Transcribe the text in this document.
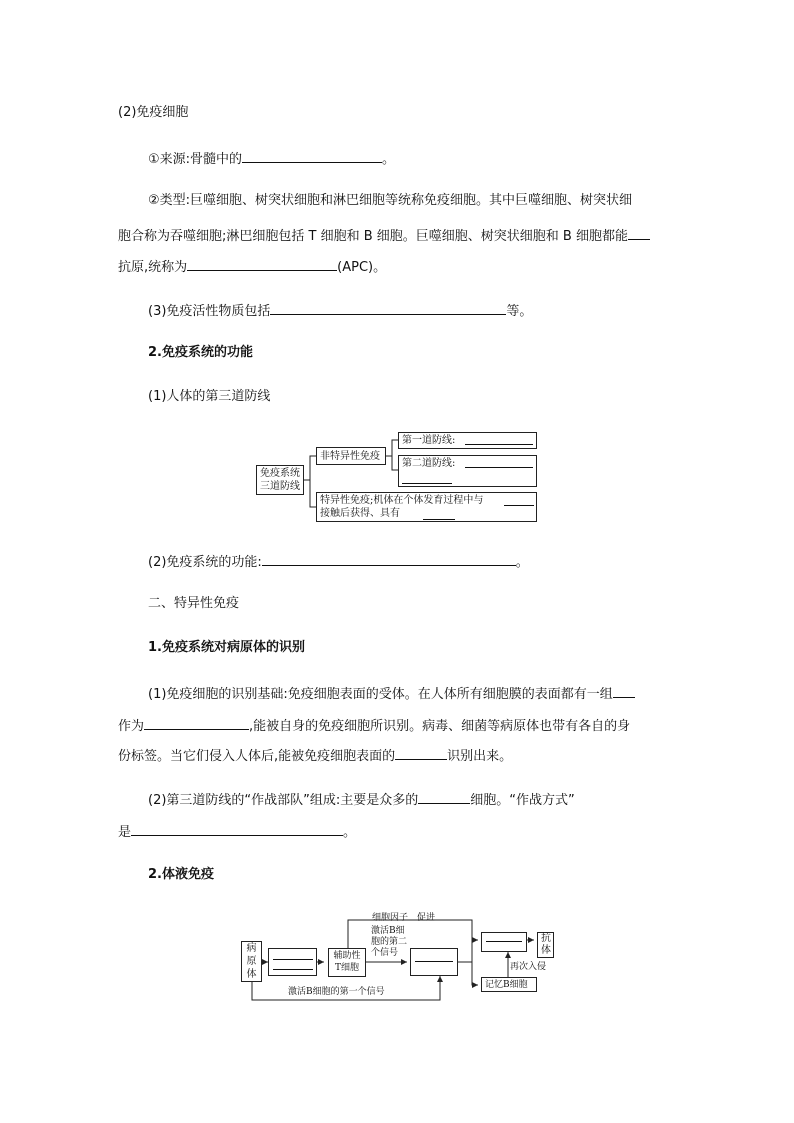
(2)免疫细胞
①来源:骨髓中的	。
②类型:巨噬细胞、树突状细胞和淋巴细胞等统称免疫细胞。其中巨噬细胞、树突状细
胞合称为吞噬细胞;淋巴细胞包括 T 细胞和 B 细胞。巨噬细胞、树突状细胞和 B 细胞都能
抗原,统称为	(APC)。
(3)免疫活性物质包括	等。
2.免疫系统的功能
(1)人体的第三道防线
免疫系统
三道防线
非特异性免疫
第一道防线:
第二道防线:
特异性免疫;机体在个体发育过程中与
接触后获得、具有
(2)免疫系统的功能:	。
二、特异性免疫
1.免疫系统对病原体的识别
(1)免疫细胞的识别基础:免疫细胞表面的受体。在人体所有细胞膜的表面都有一组
作为	,能被自身的免疫细胞所识别。病毒、细菌等病原体也带有各自的身
份标签。当它们侵入人体后,能被免疫细胞表面的	识别出来。
(2)第三道防线的“作战部队”组成:主要是众多的	细胞。“作战方式”
是	。
2.体液免疫
病
原
体
辅助性
T细胞
细胞因子　促进
激活B细
胞的第二
个信号
抗
体
再次入侵
记忆B细胞
激活B细胞的第一个信号
